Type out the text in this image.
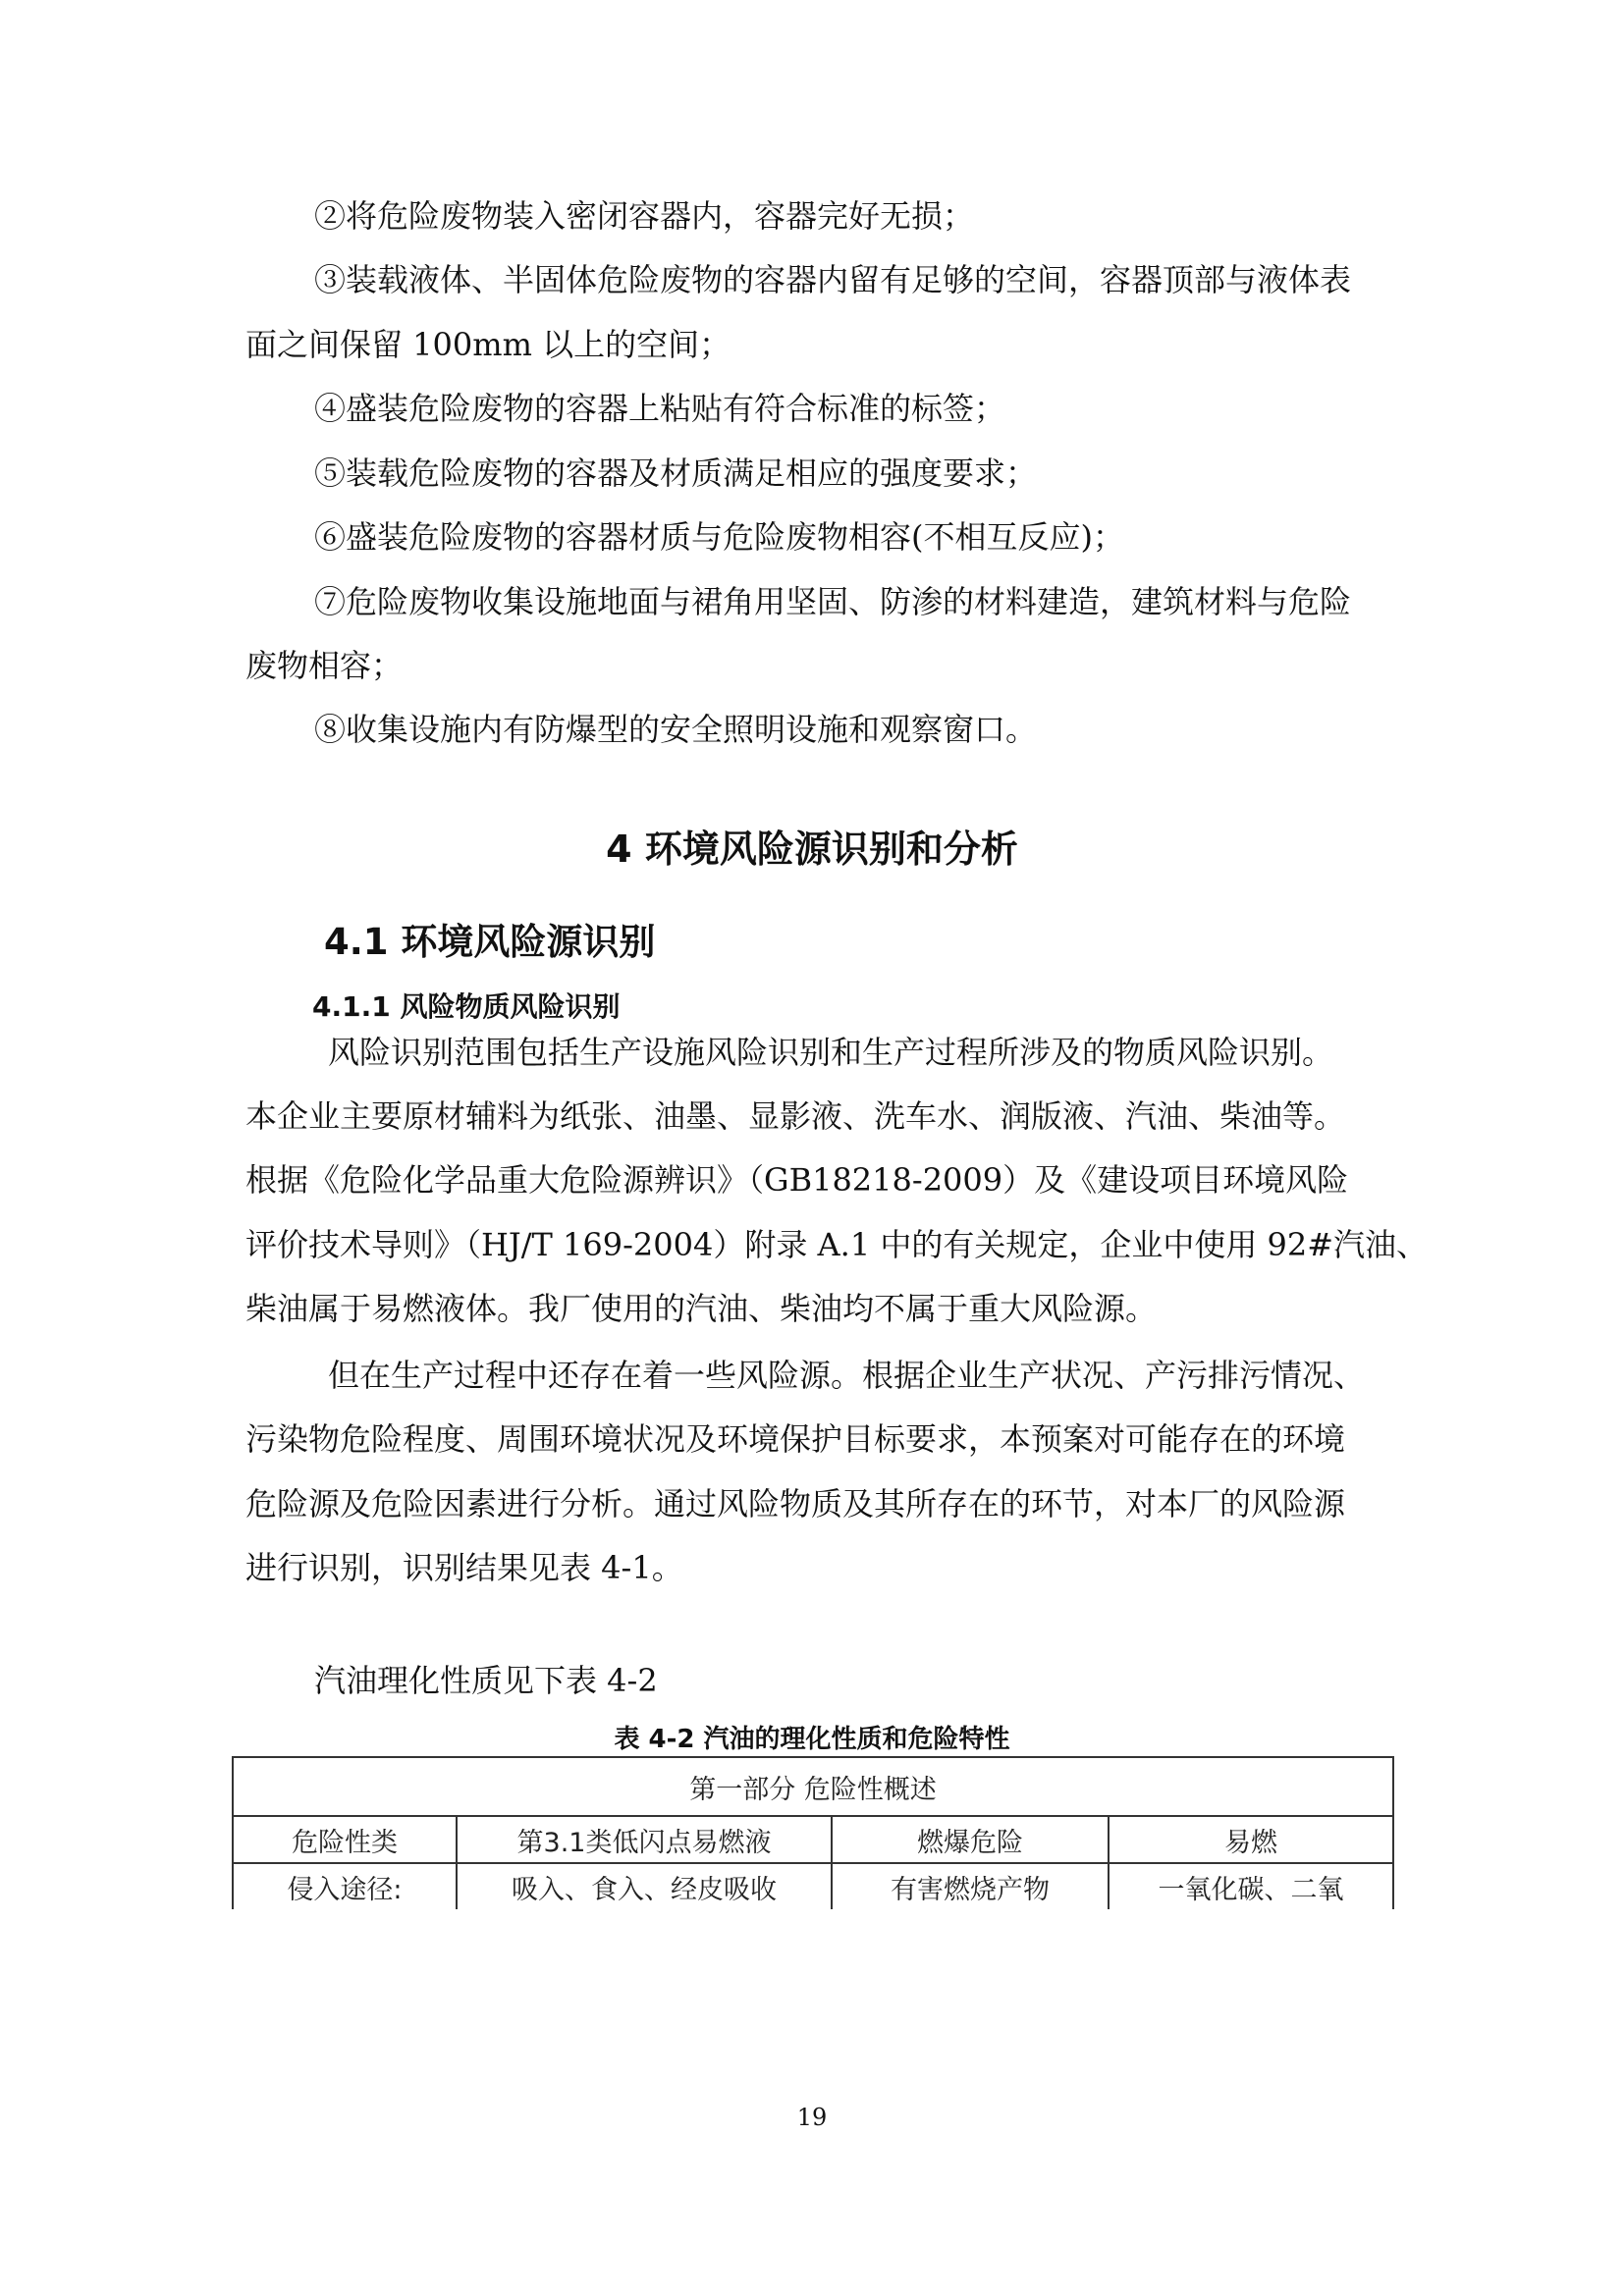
②将危险废物装入密闭容器内，容器完好无损；
③装载液体、半固体危险废物的容器内留有足够的空间，容器顶部与液体表
面之间保留 100mm 以上的空间；
④盛装危险废物的容器上粘贴有符合标准的标签；
⑤装载危险废物的容器及材质满足相应的强度要求；
⑥盛装危险废物的容器材质与危险废物相容(不相互反应)；
⑦危险废物收集设施地面与裙角用坚固、防渗的材料建造，建筑材料与危险
废物相容；
⑧收集设施内有防爆型的安全照明设施和观察窗口。
4 环境风险源识别和分析
4.1 环境风险源识别
4.1.1 风险物质风险识别
风险识别范围包括生产设施风险识别和生产过程所涉及的物质风险识别。
本企业主要原材辅料为纸张、油墨、显影液、洗车水、润版液、汽油、柴油等。
根据《危险化学品重大危险源辨识》（GB18218-2009）及《建设项目环境风险
评价技术导则》（HJ/T 169-2004）附录 A.1 中的有关规定，企业中使用 92#汽油、
柴油属于易燃液体。我厂使用的汽油、柴油均不属于重大风险源。
但在生产过程中还存在着一些风险源。根据企业生产状况、产污排污情况、
污染物危险程度、周围环境状况及环境保护目标要求，本预案对可能存在的环境
危险源及危险因素进行分析。通过风险物质及其所存在的环节，对本厂的风险源
进行识别，识别结果见表 4-1。
汽油理化性质见下表 4-2
表 4-2 汽油的理化性质和危险特性
第一部分 危险性概述			
危险性类	第3.1类低闪点易燃液	燃爆危险	易燃
侵入途径:	吸入、食入、经皮吸收	有害燃烧产物	一氧化碳、二氧
19
